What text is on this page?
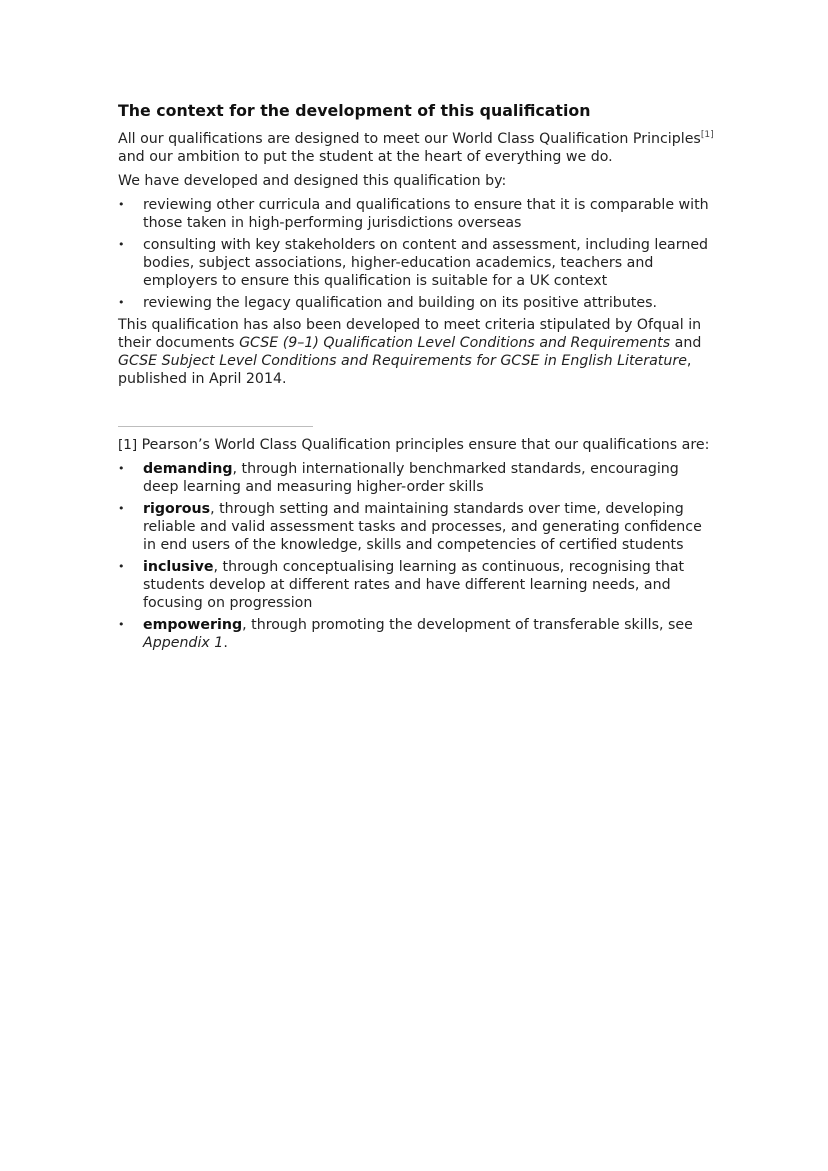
The context for the development of this qualification

All our qualifications are designed to meet our World Class Qualification Principles[1] and our ambition to put the student at the heart of everything we do.

We have developed and designed this qualification by:

• reviewing other curricula and qualifications to ensure that it is comparable with those taken in high-performing jurisdictions overseas
• consulting with key stakeholders on content and assessment, including learned bodies, subject associations, higher-education academics, teachers and employers to ensure this qualification is suitable for a UK context
• reviewing the legacy qualification and building on its positive attributes.

This qualification has also been developed to meet criteria stipulated by Ofqual in their documents GCSE (9–1) Qualification Level Conditions and Requirements and GCSE Subject Level Conditions and Requirements for GCSE in English Literature, published in April 2014.

[1] Pearson’s World Class Qualification principles ensure that our qualifications are:

• demanding, through internationally benchmarked standards, encouraging deep learning and measuring higher-order skills
• rigorous, through setting and maintaining standards over time, developing reliable and valid assessment tasks and processes, and generating confidence in end users of the knowledge, skills and competencies of certified students
• inclusive, through conceptualising learning as continuous, recognising that students develop at different rates and have different learning needs, and focusing on progression
• empowering, through promoting the development of transferable skills, see Appendix 1.
